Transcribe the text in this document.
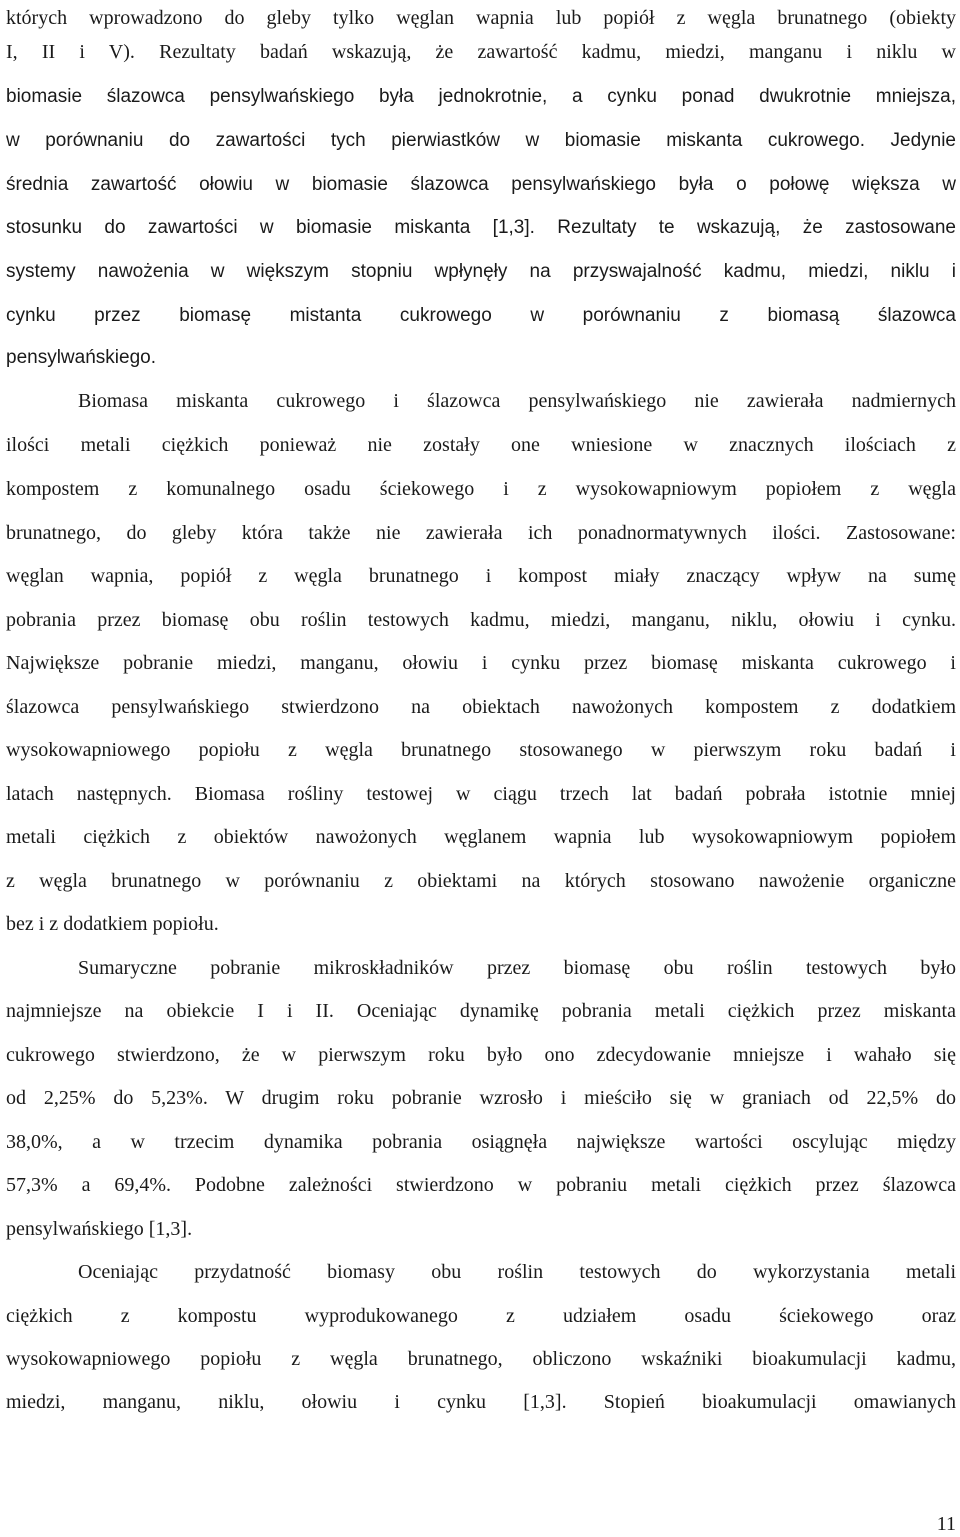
których wprowadzono do gleby tylko węglan wapnia lub popiół z węgla brunatnego (obiekty
I, II i V). Rezultaty badań wskazują, że zawartość kadmu, miedzi, manganu i niklu w
biomasie ślazowca pensylwańskiego była jednokrotnie, a cynku ponad dwukrotnie mniejsza,
w porównaniu do zawartości tych pierwiastków w biomasie miskanta cukrowego. Jedynie
średnia zawartość ołowiu w biomasie ślazowca pensylwańskiego była o połowę większa w
stosunku do zawartości w biomasie miskanta [1,3]. Rezultaty te wskazują, że zastosowane
systemy nawożenia w większym stopniu wpłynęły na przyswajalność kadmu, miedzi, niklu i
cynku przez biomasę mistanta cukrowego w porównaniu z biomasą ślazowca
pensylwańskiego.
Biomasa miskanta cukrowego i ślazowca pensylwańskiego nie zawierała nadmiernych
ilości metali ciężkich ponieważ nie zostały one wniesione w znacznych ilościach z
kompostem z komunalnego osadu ściekowego i z wysokowapniowym popiołem z węgla
brunatnego, do gleby która także nie zawierała ich ponadnormatywnych ilości. Zastosowane:
węglan wapnia, popiół z węgla brunatnego i kompost miały znaczący wpływ na sumę
pobrania przez biomasę obu roślin testowych kadmu, miedzi, manganu, niklu, ołowiu i cynku.
Największe pobranie miedzi, manganu, ołowiu i cynku przez biomasę miskanta cukrowego i
ślazowca pensylwańskiego stwierdzono na obiektach nawożonych kompostem z dodatkiem
wysokowapniowego popiołu z węgla brunatnego stosowanego w pierwszym roku badań i
latach następnych. Biomasa rośliny testowej w ciągu trzech lat badań pobrała istotnie mniej
metali ciężkich z obiektów nawożonych węglanem wapnia lub wysokowapniowym popiołem
z węgla brunatnego w porównaniu z obiektami na których stosowano nawożenie organiczne
bez i z dodatkiem popiołu.
Sumaryczne pobranie mikroskładników przez biomasę obu roślin testowych było
najmniejsze na obiekcie I i II. Oceniając dynamikę pobrania metali ciężkich przez miskanta
cukrowego stwierdzono, że w pierwszym roku było ono zdecydowanie mniejsze i wahało się
od 2,25% do 5,23%. W drugim roku pobranie wzrosło i mieściło się w graniach od 22,5% do
38,0%, a w trzecim dynamika pobrania osiągnęła największe wartości oscylując między
57,3% a 69,4%. Podobne zależności stwierdzono w pobraniu metali ciężkich przez ślazowca
pensylwańskiego [1,3].
Oceniając przydatność biomasy obu roślin testowych do wykorzystania metali
ciężkich z kompostu wyprodukowanego z udziałem osadu ściekowego oraz
wysokowapniowego popiołu z węgla brunatnego, obliczono wskaźniki bioakumulacji kadmu,
miedzi, manganu, niklu, ołowiu i cynku [1,3]. Stopień bioakumulacji omawianych
11
